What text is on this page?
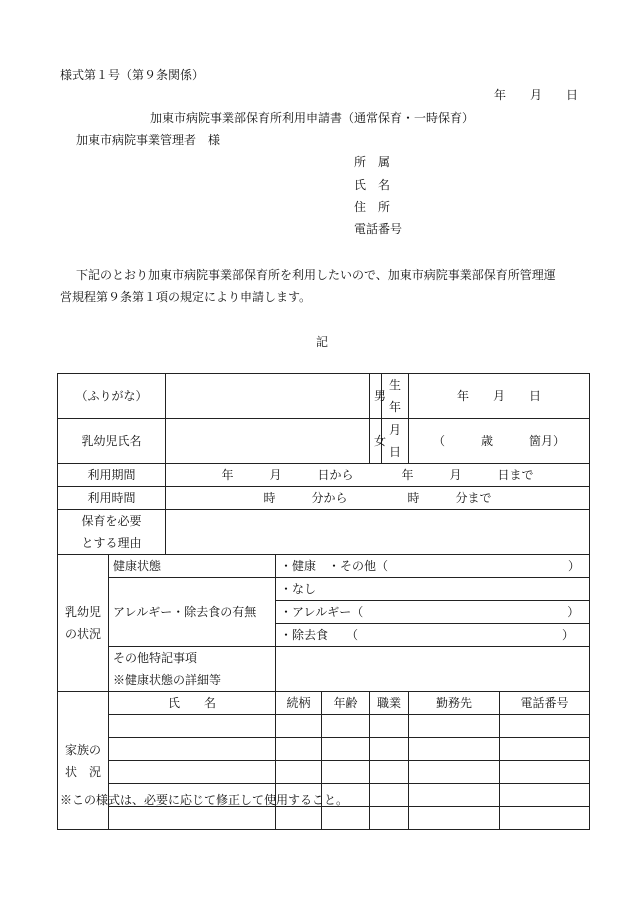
様式第１号（第９条関係）
年　　月　　日
加東市病院事業部保育所利用申請書（通常保育・一時保育）
加東市病院事業管理者　様
所　属
氏　名
住　所
電話番号
下記のとおり加東市病院事業部保育所を利用したいので、加東市病院事業部保育所管理運
営規程第９条第１項の規定により申請します。
記
（ふりがな）					男	生年	年　　月　　日	
乳幼児氏名					女	月日	（　　　歳　　　箇月）	
利用期間		年　　　月　　　日から　　　　年　　　月　　　日まで						
利用時間		時　　　分から　　　　　時　　　分まで						

保育を必要
とする理由								

乳幼児
の状況	健康状態		・健康　・その他（　　　　　　　　　　　　　　　）					
	アレルギー・除去食の有無		・なし					
			・アレルギー（　　　　　　　　　　　　　　　　　）					
			・除去食　　（　　　　　　　　　　　　　　　　　）					

	その他特記事項
※健康状態の詳細等							

家族の
状　況	氏　　名		続柄	年齢	職業		勤務先	電話番号

※この様式は、必要に応じて修正して使用すること。
